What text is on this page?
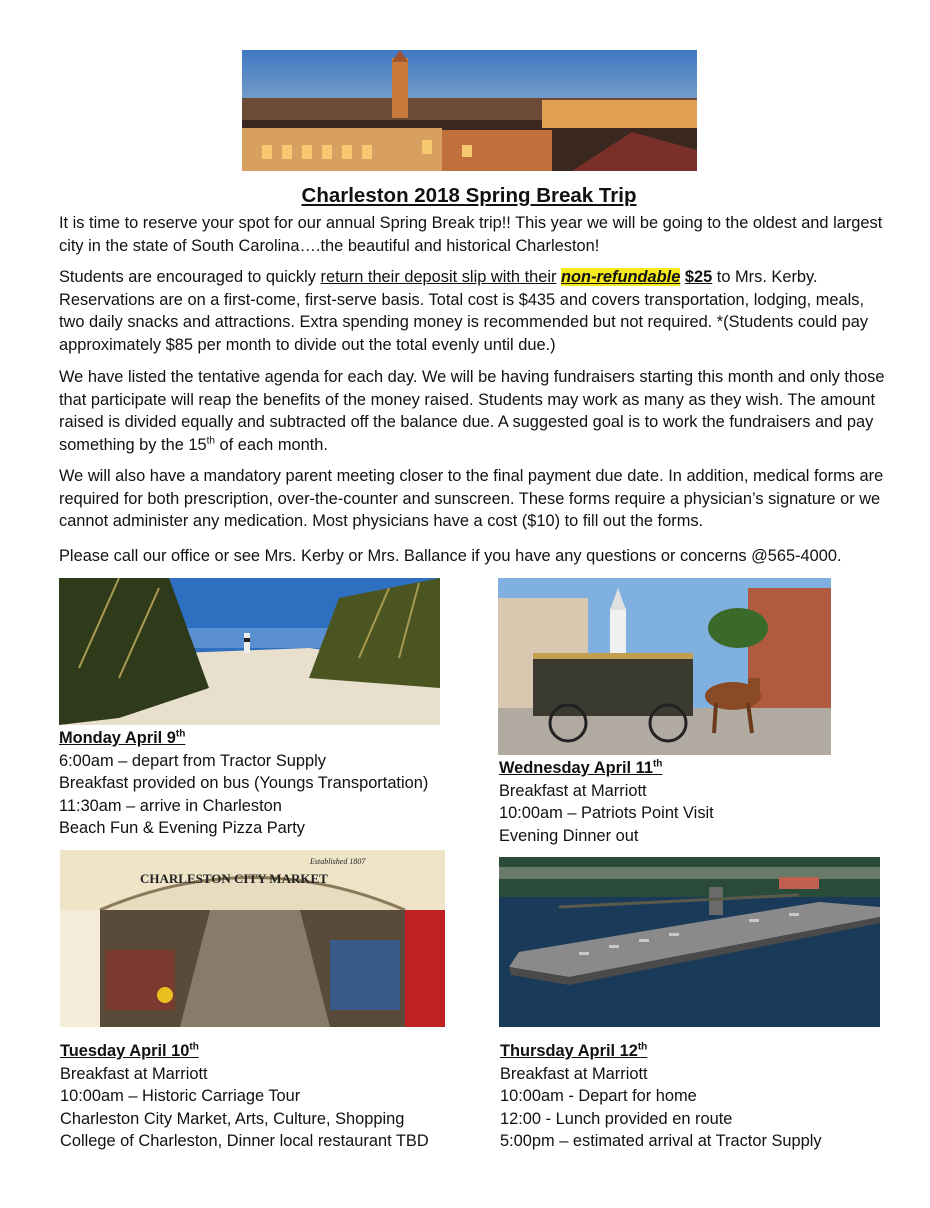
Charleston 2018 Spring Break Trip
It is time to reserve your spot for our annual Spring Break trip!! This year we will be going to the oldest and largest city in the state of South Carolina….the beautiful and historical Charleston!
Students are encouraged to quickly return their deposit slip with their non-refundable $25 to Mrs. Kerby. Reservations are on a first-come, first-serve basis. Total cost is $435 and covers transportation, lodging, meals, two daily snacks and attractions. Extra spending money is recommended but not required. *(Students could pay approximately $85 per month to divide out the total evenly until due.)
We have listed the tentative agenda for each day. We will be having fundraisers starting this month and only those that participate will reap the benefits of the money raised. Students may work as many as they wish. The amount raised is divided equally and subtracted off the balance due. A suggested goal is to work the fundraisers and pay something by the 15th of each month.
We will also have a mandatory parent meeting closer to the final payment due date. In addition, medical forms are required for both prescription, over-the-counter and sunscreen. These forms require a physician’s signature or we cannot administer any medication. Most physicians have a cost ($10) to fill out the forms.
Please call our office or see Mrs. Kerby or Mrs. Ballance if you have any questions or concerns @565-4000.
Monday April 9th
6:00am – depart from Tractor Supply
Breakfast provided on bus (Youngs Transportation)
11:30am – arrive in Charleston
Beach Fun & Evening Pizza Party
Wednesday April 11th
Breakfast at Marriott
10:00am – Patriots Point Visit
Evening Dinner out
Established 1807
CHARLESTON CITY MARKET
Tuesday April 10th
Breakfast at Marriott
10:00am – Historic Carriage Tour
Charleston City Market, Arts, Culture, Shopping
College of Charleston, Dinner local restaurant TBD
Thursday April 12th
Breakfast at Marriott
10:00am - Depart for home
12:00 - Lunch provided en route
5:00pm – estimated arrival at Tractor Supply
